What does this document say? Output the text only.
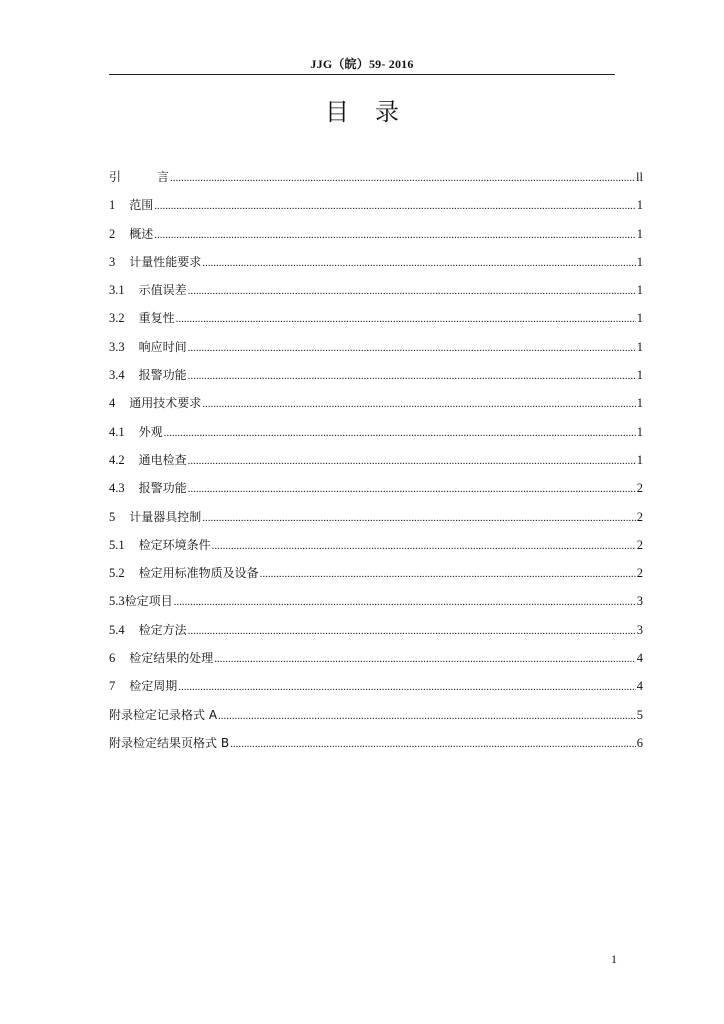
JJG（皖）59- 2016
目录
引	言 .....	ll
1 范围 .....	1
2 概述 .....	1
3 计量性能要求 .....	1
3.1 示值误差 .....	1
3.2 重复性 .....	1
3.3 响应时间 .....	1
3.4 报警功能 .....	1
4 通用技术要求 .....	1
4.1 外观 .....	1
4.2 通电检查 .....	1
4.3 报警功能 .....	2
5 计量器具控制 .....	2
5.1 检定环境条件 .....	2
5.2 检定用标准物质及设备 .....	2
5.3 检定项目 .....	3
5.4 检定方法 .....	3
6 检定结果的处理 .....	4
7 检定周期 .....	4
附录检定记录格式 A .....	5
附录检定结果页格式 B .....	6
1
